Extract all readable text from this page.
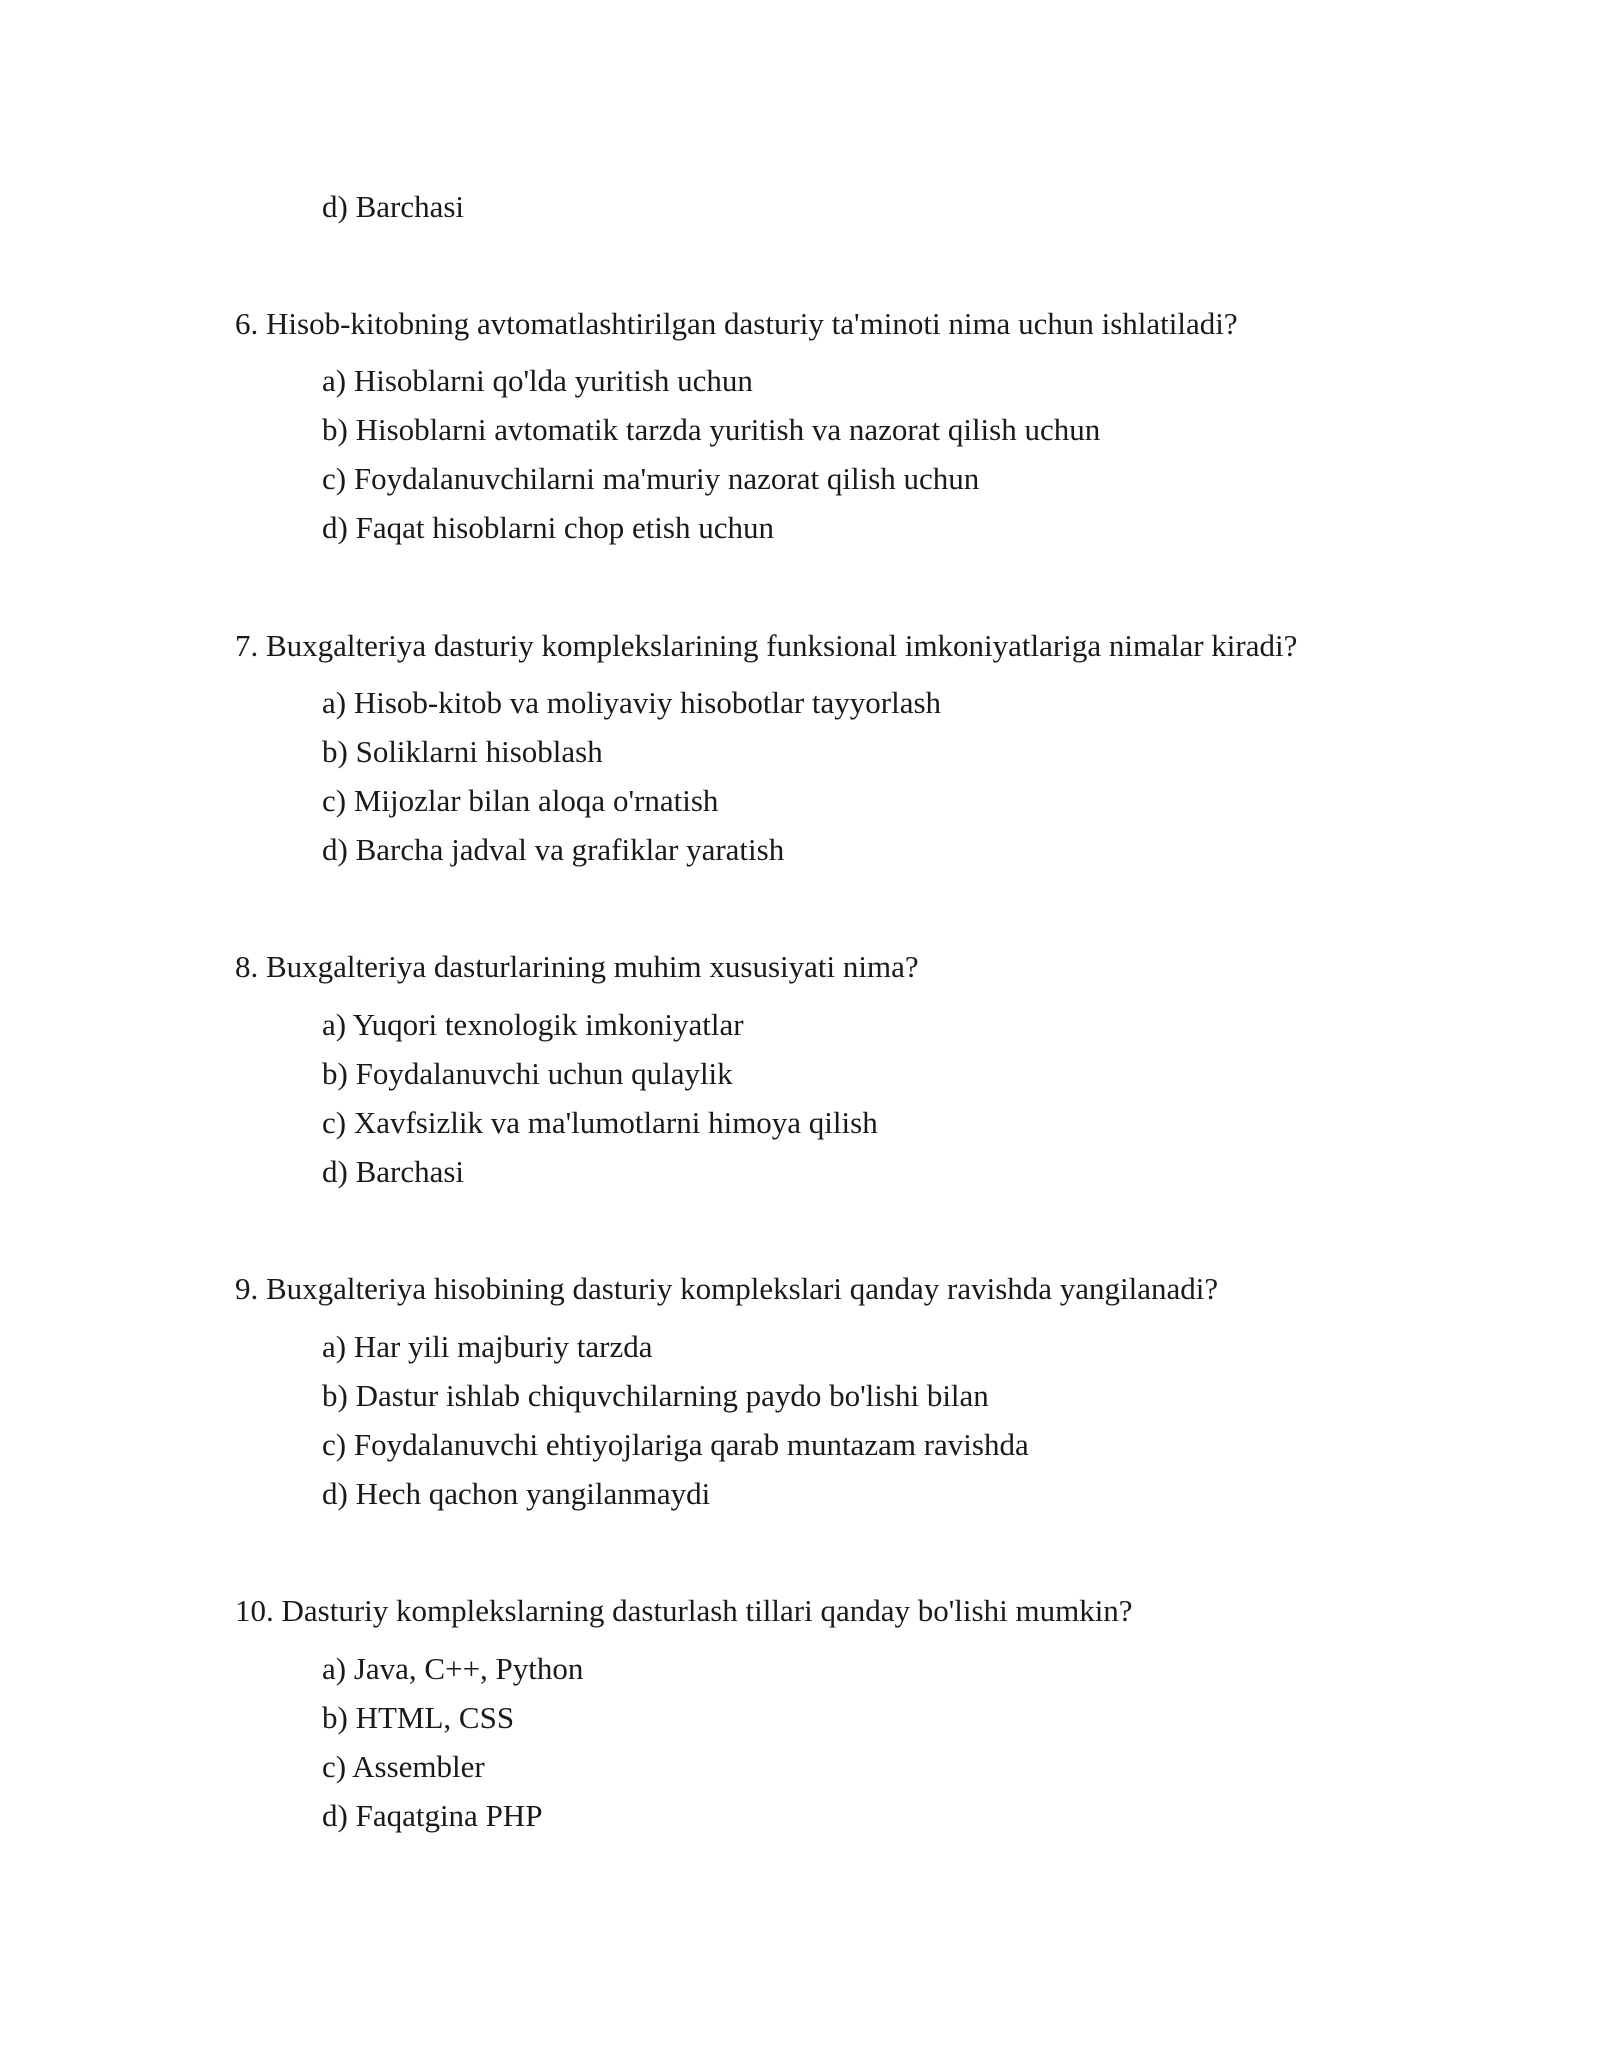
d) Barchasi
6. Hisob-kitobning avtomatlashtirilgan dasturiy ta'minoti nima uchun ishlatiladi?
a) Hisoblarni qo'lda yuritish uchun
b) Hisoblarni avtomatik tarzda yuritish va nazorat qilish uchun
c) Foydalanuvchilarni ma'muriy nazorat qilish uchun
d) Faqat hisoblarni chop etish uchun
7. Buxgalteriya dasturiy komplekslarining funksional imkoniyatlariga nimalar kiradi?
a) Hisob-kitob va moliyaviy hisobotlar tayyorlash
b) Soliklarni hisoblash
c) Mijozlar bilan aloqa o'rnatish
d) Barcha jadval va grafiklar yaratish
8. Buxgalteriya dasturlarining muhim xususiyati nima?
a) Yuqori texnologik imkoniyatlar
b) Foydalanuvchi uchun qulaylik
c) Xavfsizlik va ma'lumotlarni himoya qilish
d) Barchasi
9. Buxgalteriya hisobining dasturiy komplekslari qanday ravishda yangilanadi?
a) Har yili majburiy tarzda
b) Dastur ishlab chiquvchilarning paydo bo'lishi bilan
c) Foydalanuvchi ehtiyojlariga qarab muntazam ravishda
d) Hech qachon yangilanmaydi
10. Dasturiy komplekslarning dasturlash tillari qanday bo'lishi mumkin?
a) Java, C++, Python
b) HTML, CSS
c) Assembler
d) Faqatgina PHP
